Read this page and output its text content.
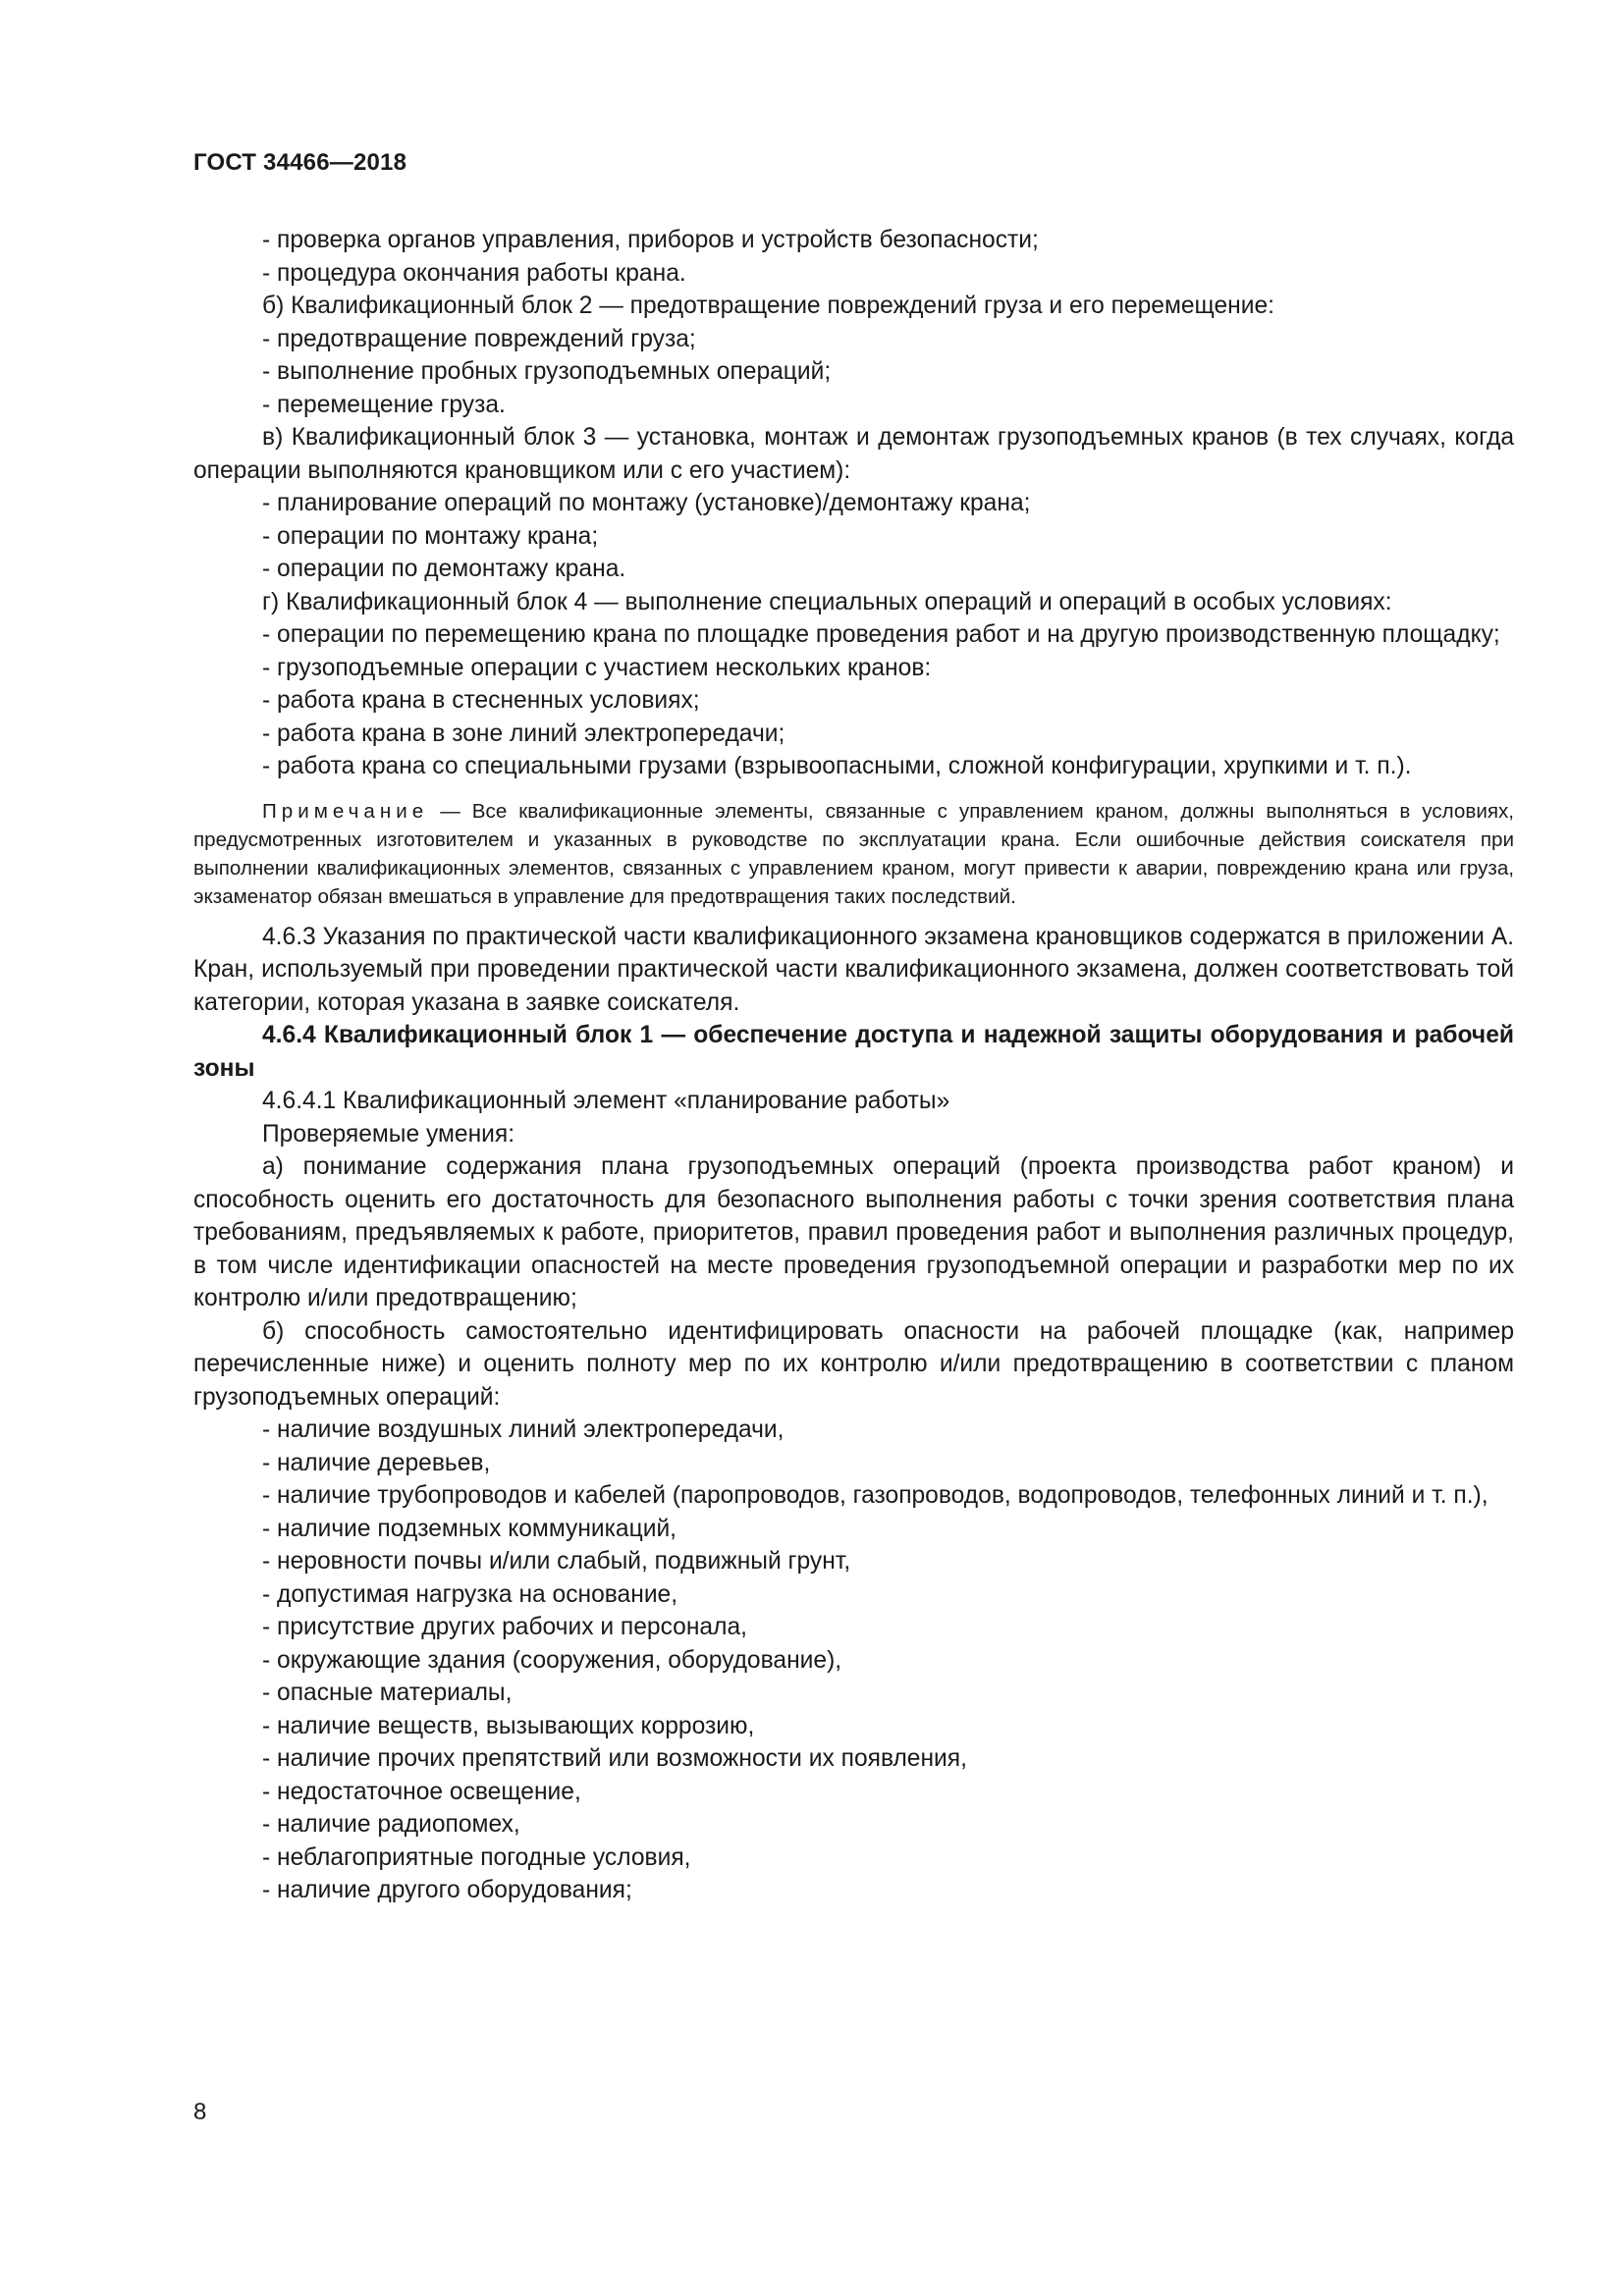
ГОСТ 34466—2018

- проверка органов управления, приборов и устройств безопасности;

- процедура окончания работы крана.

б) Квалификационный блок 2 — предотвращение повреждений груза и его перемещение:

- предотвращение повреждений груза;

- выполнение пробных грузоподъемных операций;

- перемещение груза.

в) Квалификационный блок 3 — установка, монтаж и демонтаж грузоподъемных кранов (в тех случаях, когда операции выполняются крановщиком или с его участием):

- планирование операций по монтажу (установке)/демонтажу крана;

- операции по монтажу крана;

- операции по демонтажу крана.

г) Квалификационный блок 4 — выполнение специальных операций и операций в особых условиях:

- операции по перемещению крана по площадке проведения работ и на другую производственную площадку;

- грузоподъемные операции с участием нескольких кранов:

- работа крана в стесненных условиях;

- работа крана в зоне линий электропередачи;

- работа крана со специальными грузами (взрывоопасными, сложной конфигурации, хрупкими и т. п.).

Примечание — Все квалификационные элементы, связанные с управлением краном, должны выполняться в условиях, предусмотренных изготовителем и указанных в руководстве по эксплуатации крана. Если ошибочные действия соискателя при выполнении квалификационных элементов, связанных с управлением краном, могут привести к аварии, повреждению крана или груза, экзаменатор обязан вмешаться в управление для предотвращения таких последствий.

4.6.3 Указания по практической части квалификационного экзамена крановщиков содержатся в приложении А. Кран, используемый при проведении практической части квалификационного экзамена, должен соответствовать той категории, которая указана в заявке соискателя.

4.6.4 Квалификационный блок 1 — обеспечение доступа и надежной защиты оборудования и рабочей зоны

4.6.4.1 Квалификационный элемент «планирование работы»

Проверяемые умения:

а) понимание содержания плана грузоподъемных операций (проекта производства работ краном) и способность оценить его достаточность для безопасного выполнения работы с точки зрения соответствия плана требованиям, предъявляемых к работе, приоритетов, правил проведения работ и выполнения различных процедур, в том числе идентификации опасностей на месте проведения грузоподъемной операции и разработки мер по их контролю и/или предотвращению;

б) способность самостоятельно идентифицировать опасности на рабочей площадке (как, например перечисленные ниже) и оценить полноту мер по их контролю и/или предотвращению в соответствии с планом грузоподъемных операций:

- наличие воздушных линий электропередачи,

- наличие деревьев,

- наличие трубопроводов и кабелей (паропроводов, газопроводов, водопроводов, телефонных линий и т. п.),

- наличие подземных коммуникаций,

- неровности почвы и/или слабый, подвижный грунт,

- допустимая нагрузка на основание,

- присутствие других рабочих и персонала,

- окружающие здания (сооружения, оборудование),

- опасные материалы,

- наличие веществ, вызывающих коррозию,

- наличие прочих препятствий или возможности их появления,

- недостаточное освещение,

- наличие радиопомех,

- неблагоприятные погодные условия,

- наличие другого оборудования;

8
